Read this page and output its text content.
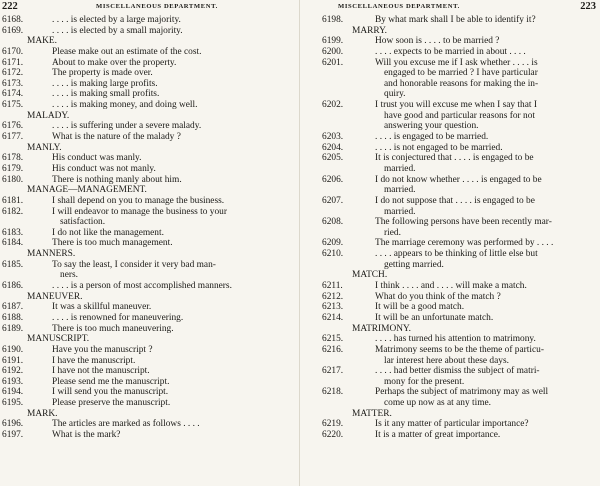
222	MISCELLANEOUS DEPARTMENT.
6168.	. . . . is elected by a large majority.
6169.	. . . . is elected by a small majority.
MAKE.
6170.	Please make out an estimate of the cost.
6171.	About to make over the property.
6172.	The property is made over.
6173.	. . . . is making large profits.
6174.	. . . . is making small profits.
6175.	. . . . is making money, and doing well.
MALADY.
6176.	. . . . is suffering under a severe malady.
6177.	What is the nature of the malady ?
MANLY.
6178.	His conduct was manly.
6179.	His conduct was not manly.
6180.	There is nothing manly about him.
MANAGE—MANAGEMENT.
6181.	I shall depend on you to manage the business.
6182.	I will endeavor to manage the business to your
satisfaction.
6183.	I do not like the management.
6184.	There is too much management.
MANNERS.
6185.	To say the least, I consider it very bad man-
ners.
6186.	. . . . is a person of most accomplished manners.
MANEUVER.
6187.	It was a skillful maneuver.
6188.	. . . . is renowned for maneuvering.
6189.	There is too much maneuvering.
MANUSCRIPT.
6190.	Have you the manuscript ?
6191.	I have the manuscript.
6192.	I have not the manuscript.
6193.	Please send me the manuscript.
6194.	I will send you the manuscript.
6195.	Please preserve the manuscript.
MARK.
6196.	The articles are marked as follows . . . .
6197.	What is the mark?
MISCELLANEOUS DEPARTMENT.	223
6198.	By what mark shall I be able to identify it?
MARRY.
6199.	How soon is . . . . to be married ?
6200.	. . . . expects to be married in about . . . .
6201.	Will you excuse me if I ask whether . . . . is
engaged to be married ? I have particular
and honorable reasons for making the in-
quiry.
6202.	I trust you will excuse me when I say that I
have good and particular reasons for not
answering your question.
6203.	. . . . is engaged to be married.
6204.	. . . . is not engaged to be married.
6205.	It is conjectured that . . . . is engaged to be
married.
6206.	I do not know whether . . . . is engaged to be
married.
6207.	I do not suppose that . . . . is engaged to be
married.
6208.	The following persons have been recently mar-
ried.
6209.	The marriage ceremony was performed by . . . .
6210.	. . . . appears to be thinking of little else but
getting married.
MATCH.
6211.	I think . . . . and . . . . will make a match.
6212.	What do you think of the match ?
6213.	It will be a good match.
6214.	It will be an unfortunate match.
MATRIMONY.
6215.	. . . . has turned his attention to matrimony.
6216.	Matrimony seems to be the theme of particu-
lar interest here about these days.
6217.	. . . . had better dismiss the subject of matri-
mony for the present.
6218.	Perhaps the subject of matrimony may as well
come up now as at any time.
MATTER.
6219.	Is it any matter of particular importance?
6220.	It is a matter of great importance.
